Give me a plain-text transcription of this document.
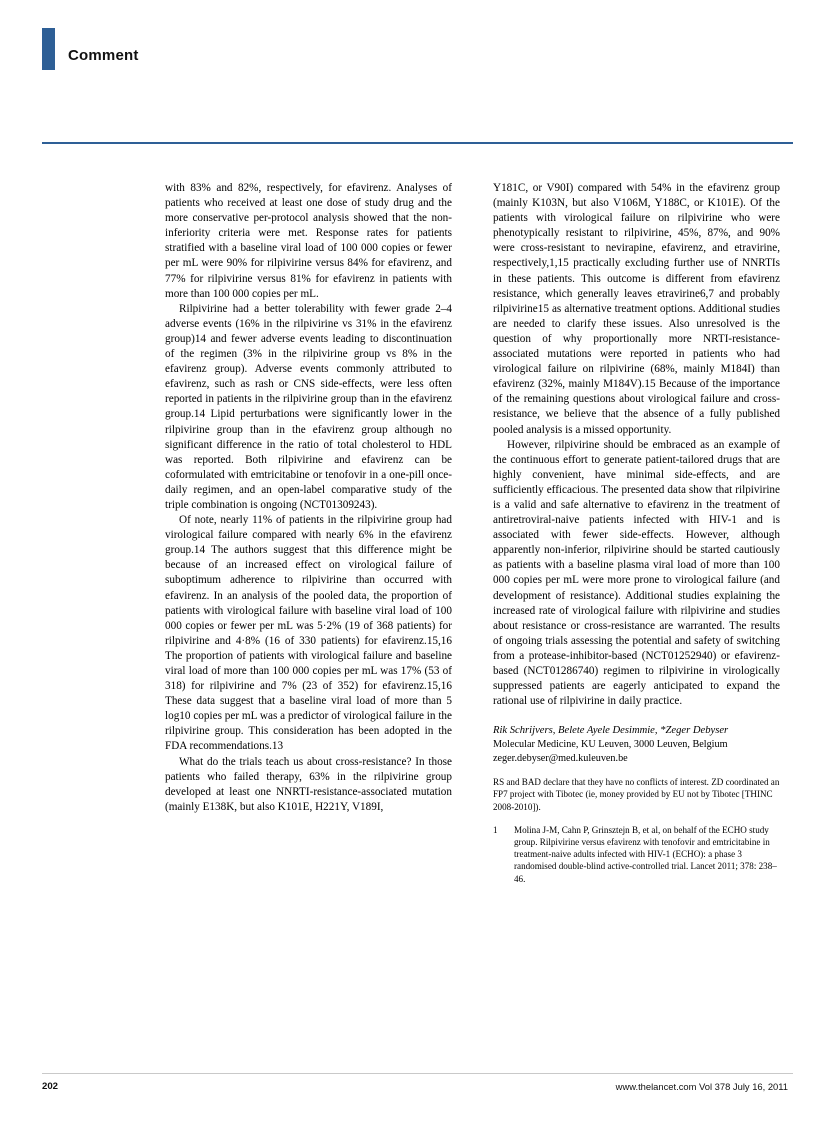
Comment

with 83% and 82%, respectively, for efavirenz. Analyses of patients who received at least one dose of study drug and the more conservative per-protocol analysis showed that the non-inferiority criteria were met. Response rates for patients stratified with a baseline viral load of 100 000 copies or fewer per mL were 90% for rilpivirine versus 84% for efavirenz, and 77% for rilpivirine versus 81% for efavirenz in patients with more than 100 000 copies per mL.

Rilpivirine had a better tolerability with fewer grade 2–4 adverse events (16% in the rilpivirine vs 31% in the efavirenz group)14 and fewer adverse events leading to discontinuation of the regimen (3% in the rilpivirine group vs 8% in the efavirenz group). Adverse events commonly attributed to efavirenz, such as rash or CNS side-effects, were less often reported in patients in the rilpivirine group than in the efavirenz group.14 Lipid perturbations were significantly lower in the rilpivirine group than in the efavirenz group although no significant difference in the ratio of total cholesterol to HDL was reported. Both rilpivirine and efavirenz can be coformulated with emtricitabine or tenofovir in a one-pill once-daily regimen, and an open-label comparative study of the triple combination is ongoing (NCT01309243).

Of note, nearly 11% of patients in the rilpivirine group had virological failure compared with nearly 6% in the efavirenz group.14 The authors suggest that this difference might be because of an increased effect on virological failure of suboptimum adherence to rilpivirine than occurred with efavirenz. In an analysis of the pooled data, the proportion of patients with virological failure with baseline viral load of 100 000 copies or fewer per mL was 5·2% (19 of 368 patients) for rilpivirine and 4·8% (16 of 330 patients) for efavirenz.15,16 The proportion of patients with virological failure and baseline viral load of more than 100 000 copies per mL was 17% (53 of 318) for rilpivirine and 7% (23 of 352) for efavirenz.15,16 These data suggest that a baseline viral load of more than 5 log10 copies per mL was a predictor of virological failure in the rilpivirine group. This consideration has been adopted in the FDA recommendations.13

What do the trials teach us about cross-resistance? In those patients who failed therapy, 63% in the rilpivirine group developed at least one NNRTI-resistance-associated mutation (mainly E138K, but also K101E, H221Y, V189I,

Y181C, or V90I) compared with 54% in the efavirenz group (mainly K103N, but also V106M, Y188C, or K101E). Of the patients with virological failure on rilpivirine who were phenotypically resistant to rilpivirine, 45%, 87%, and 90% were cross-resistant to nevirapine, efavirenz, and etravirine, respectively,1,15 practically excluding further use of NNRTIs in these patients. This outcome is different from efavirenz resistance, which generally leaves etravirine6,7 and probably rilpivirine15 as alternative treatment options. Additional studies are needed to clarify these issues. Also unresolved is the question of why proportionally more NRTI-resistance-associated mutations were reported in patients who had virological failure on rilpivirine (68%, mainly M184I) than efavirenz (32%, mainly M184V).15 Because of the importance of the remaining questions about virological failure and cross-resistance, we believe that the absence of a fully published pooled analysis is a missed opportunity.

However, rilpivirine should be embraced as an example of the continuous effort to generate patient-tailored drugs that are highly convenient, have minimal side-effects, and are sufficiently efficacious. The presented data show that rilpivirine is a valid and safe alternative to efavirenz in the treatment of antiretroviral-naive patients infected with HIV-1 and is associated with fewer side-effects. However, although apparently non-inferior, rilpivirine should be started cautiously as patients with a baseline plasma viral load of more than 100 000 copies per mL were more prone to virological failure (and development of resistance). Additional studies explaining the increased rate of virological failure with rilpivirine and studies about resistance or cross-resistance are warranted. The results of ongoing trials assessing the potential and safety of switching from a protease-inhibitor-based (NCT01252940) or efavirenz-based (NCT01286740) regimen to rilpivirine in virologically suppressed patients are eagerly anticipated to expand the rational use of rilpivirine in daily practice.

Rik Schrijvers, Belete Ayele Desimmie, *Zeger Debyser
Molecular Medicine, KU Leuven, 3000 Leuven, Belgium
zeger.debyser@med.kuleuven.be
RS and BAD declare that they have no conflicts of interest. ZD coordinated an FP7 project with Tibotec (ie, money provided by EU not by Tibotec [THINC 2008-2010]).
1	Molina J-M, Cahn P, Grinsztejn B, et al, on behalf of the ECHO study group. Rilpivirine versus efavirenz with tenofovir and emtricitabine in treatment-naive adults infected with HIV-1 (ECHO): a phase 3 randomised double-blind active-controlled trial. Lancet 2011; 378: 238–46.
202	www.thelancet.com Vol 378 July 16, 2011
